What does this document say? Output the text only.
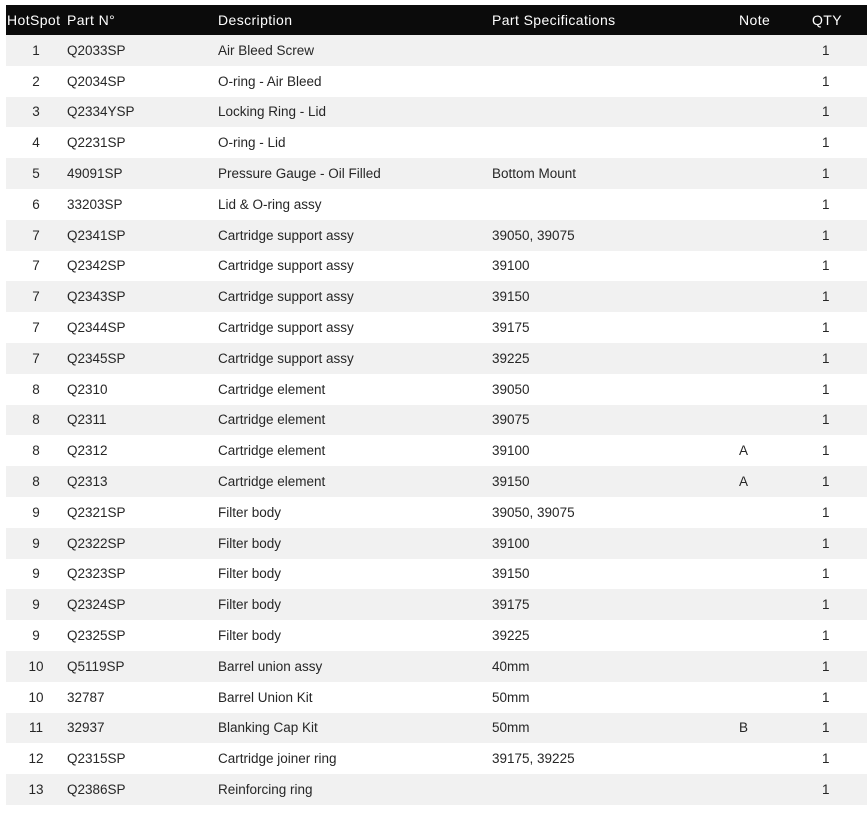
HotSpot	Part N°	Description	Part Specifications	Note	QTY
1	Q2033SP	Air Bleed Screw			1
2	Q2034SP	O-ring - Air Bleed			1
3	Q2334YSP	Locking Ring - Lid			1
4	Q2231SP	O-ring - Lid			1
5	49091SP	Pressure Gauge - Oil Filled	Bottom Mount		1
6	33203SP	Lid & O-ring assy			1
7	Q2341SP	Cartridge support assy	39050, 39075		1
7	Q2342SP	Cartridge support assy	39100		1
7	Q2343SP	Cartridge support assy	39150		1
7	Q2344SP	Cartridge support assy	39175		1
7	Q2345SP	Cartridge support assy	39225		1
8	Q2310	Cartridge element	39050		1
8	Q2311	Cartridge element	39075		1
8	Q2312	Cartridge element	39100	A	1
8	Q2313	Cartridge element	39150	A	1
9	Q2321SP	Filter body	39050, 39075		1
9	Q2322SP	Filter body	39100		1
9	Q2323SP	Filter body	39150		1
9	Q2324SP	Filter body	39175		1
9	Q2325SP	Filter body	39225		1
10	Q5119SP	Barrel union assy	40mm		1
10	32787	Barrel Union Kit	50mm		1
11	32937	Blanking Cap Kit	50mm	B	1
12	Q2315SP	Cartridge joiner ring	39175, 39225		1
13	Q2386SP	Reinforcing ring			1
